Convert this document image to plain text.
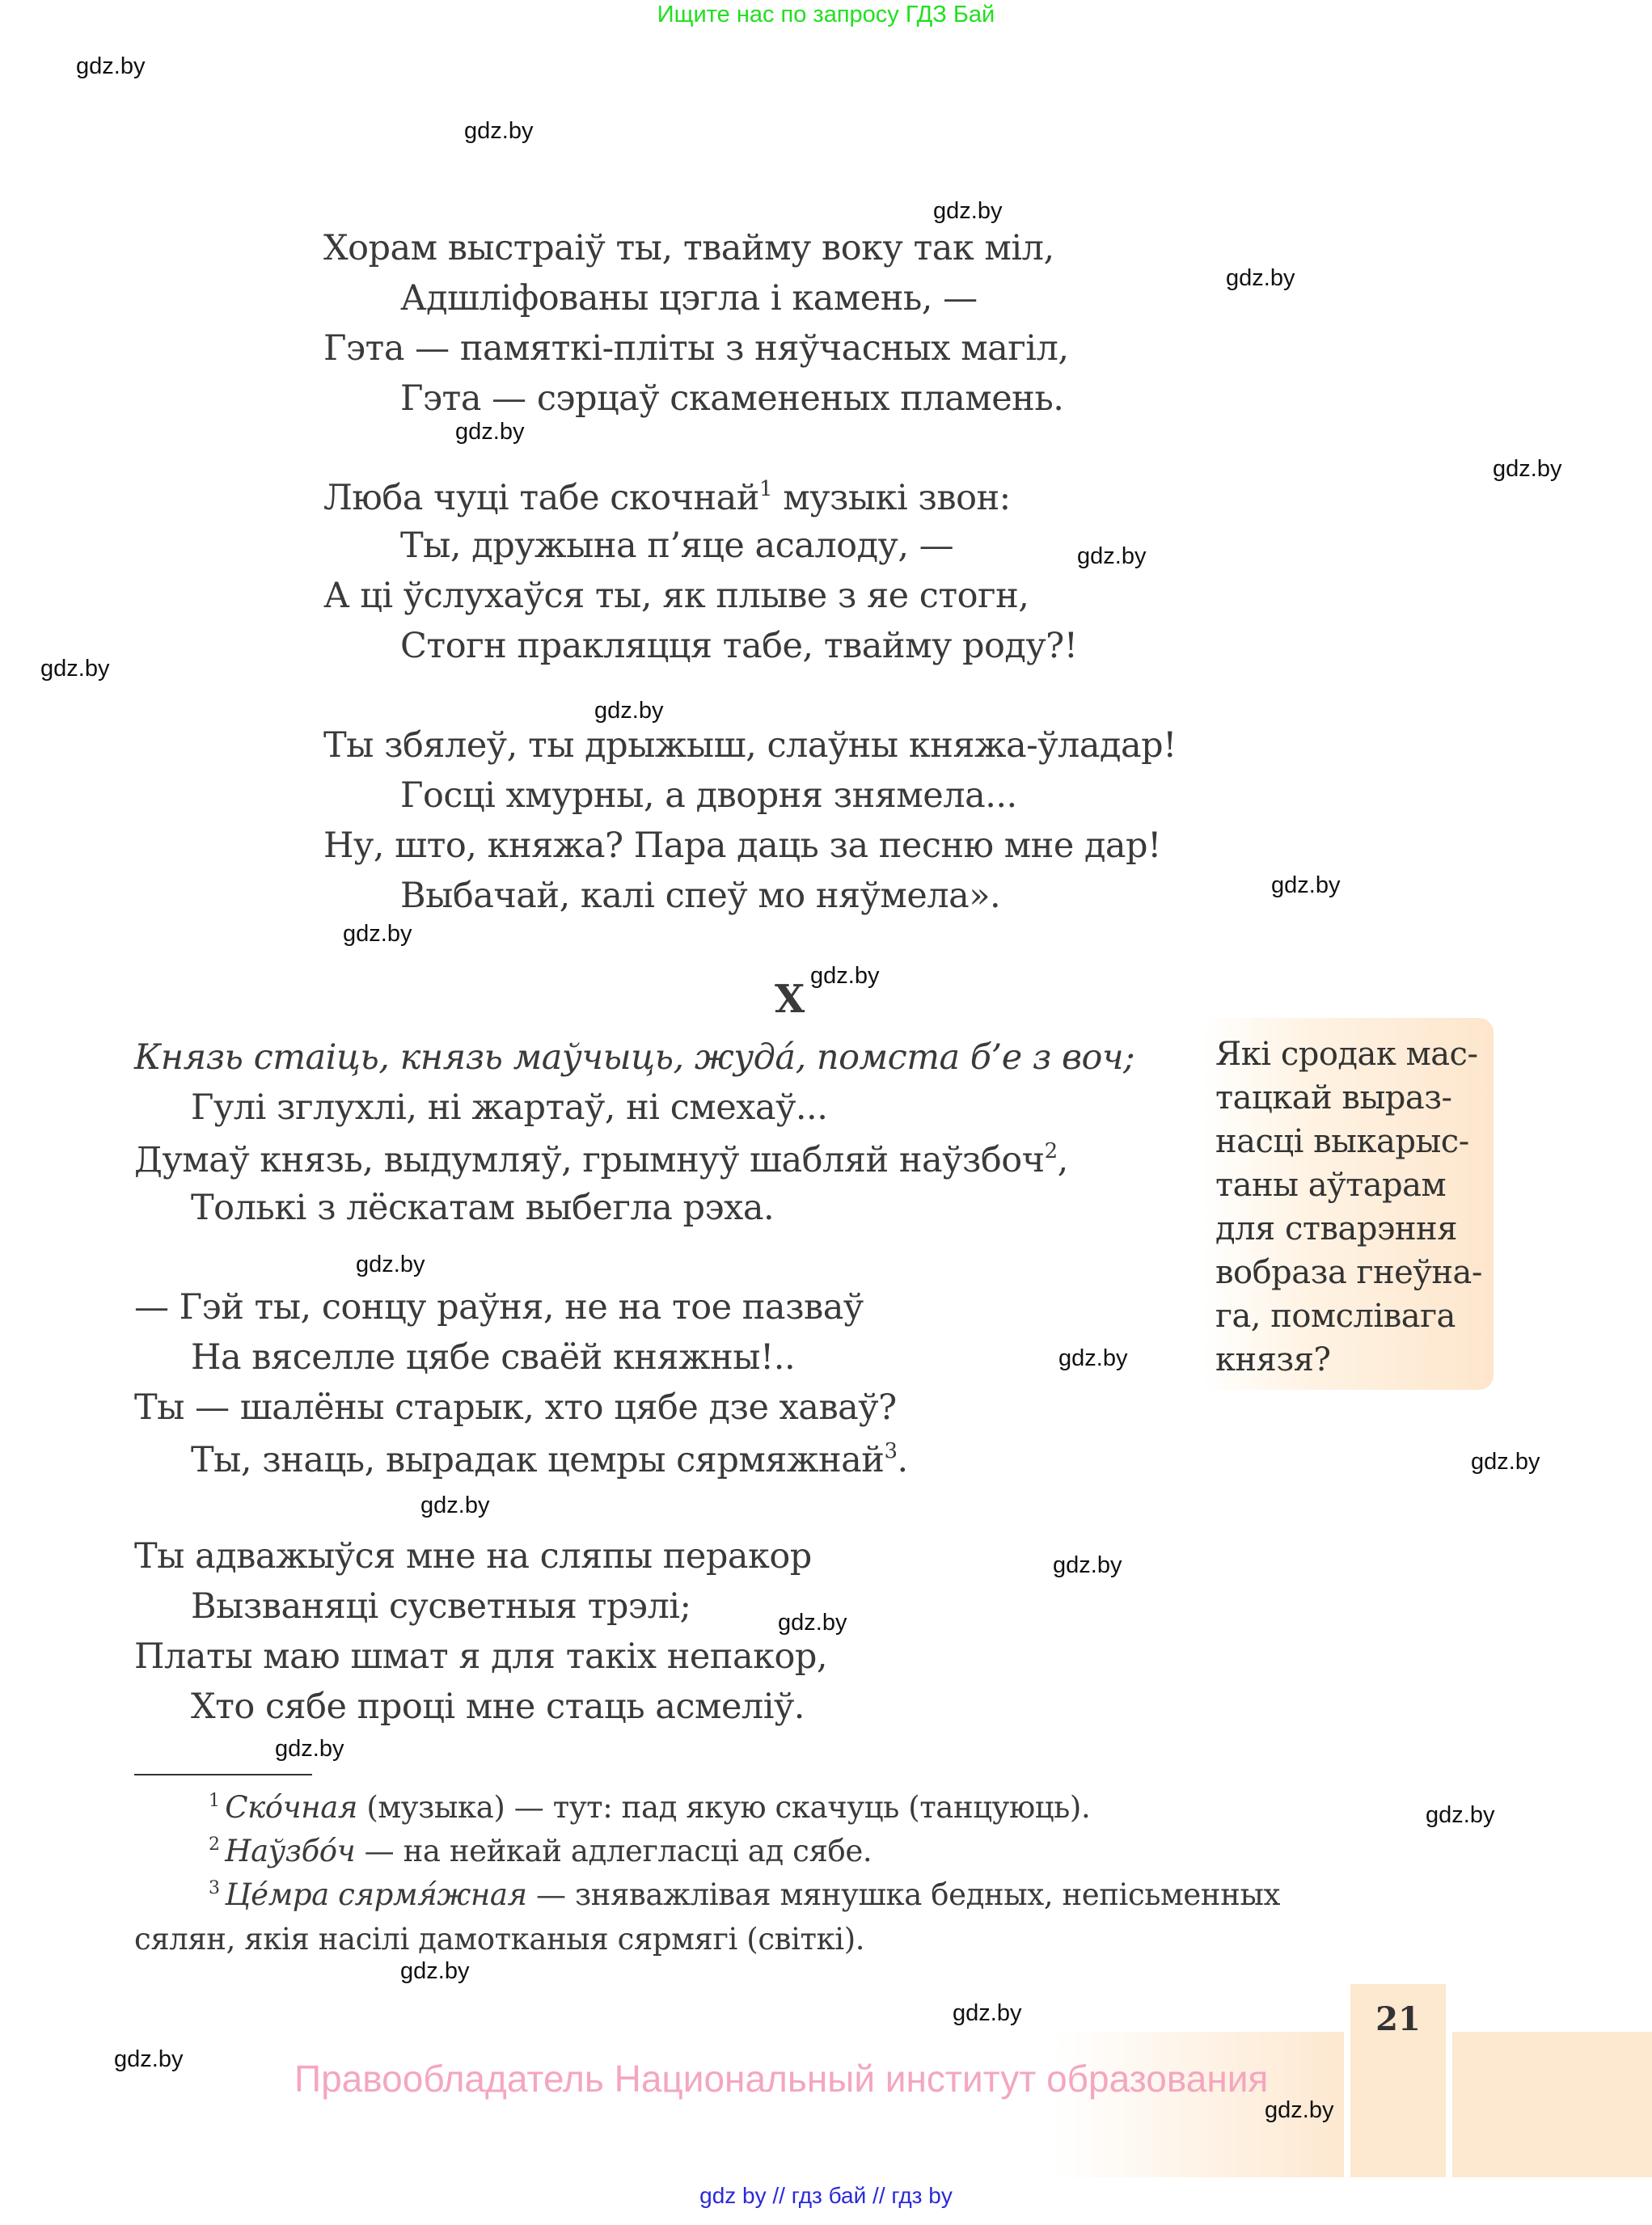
Ищите нас по запросу ГДЗ Бай
Хорам выстраіў ты, твайму воку так міл,
Адшліфованы цэгла і камень, —
Гэта — памяткі-пліты з няўчасных магіл,
Гэта — сэрцаў скамененых пламень.
Люба чуці табе скочнай$^1$ музыкі звон:
Ты, дружына п’яце асалоду, —
А ці ўслухаўся ты, як плыве з яе стогн,
Стогн пракляцця табе, твайму роду?!
Ты збялеў, ты дрыжыш, слаўны княжа-ўладар!
Госці хмурны, а дворня знямела...
Ну, што, княжа? Пара даць за песню мне дар!
Выбачай, калі спеў мо няўмела».
X
Князь стаіць, князь маўчыць, жуда́, помста б’е з воч;
Гулі зглухлі, ні жартаў, ні смехаў...
Думаў князь, выдумляў, грымнуў шабляй наўзбоч$^2$,
Толькі з лёскатам выбегла рэха.
— Гэй ты, сонцу раўня, не на тое пазваў
На вяселле цябе сваёй княжны!..
Ты — шалёны старык, хто цябе дзе хаваў?
Ты, знаць, вырадак цемры сярмяжнай$^3$.
Ты адважыўся мне на сляпы перакор
Вызваняці сусветныя трэлі;
Платы маю шмат я для такіх непакор,
Хто сябе проці мне стаць асмеліў.
Які сродак мас-
тацкай выраз-
насці выкарыс-
таны аўтарам
для стварэння
вобраза гнеўна-
га, помслівага
князя?
$^1$ Ско́чная (музыка) — тут: пад якую скачуць (танцуюць).
$^2$ Наўзбо́ч — на нейкай адлегласці ад сябе.
$^3$ Це́мра сярмя́жная — зняважлівая мянушка бедных, непісьменных
сялян, якія насілі дамотканыя сярмягі (світкі).
21
Правообладатель Национальный институт образования
gdz.by
gdz.by
gdz.by
gdz.by
gdz.by
gdz.by
gdz.by
gdz.by
gdz.by
gdz.by
gdz.by
gdz.by
gdz.by
gdz.by
gdz.by
gdz.by
gdz.by
gdz.by
gdz.by
gdz.by
gdz.by
gdz.by
gdz.by
gdz.by
gdz by // гдз бай // гдз by
